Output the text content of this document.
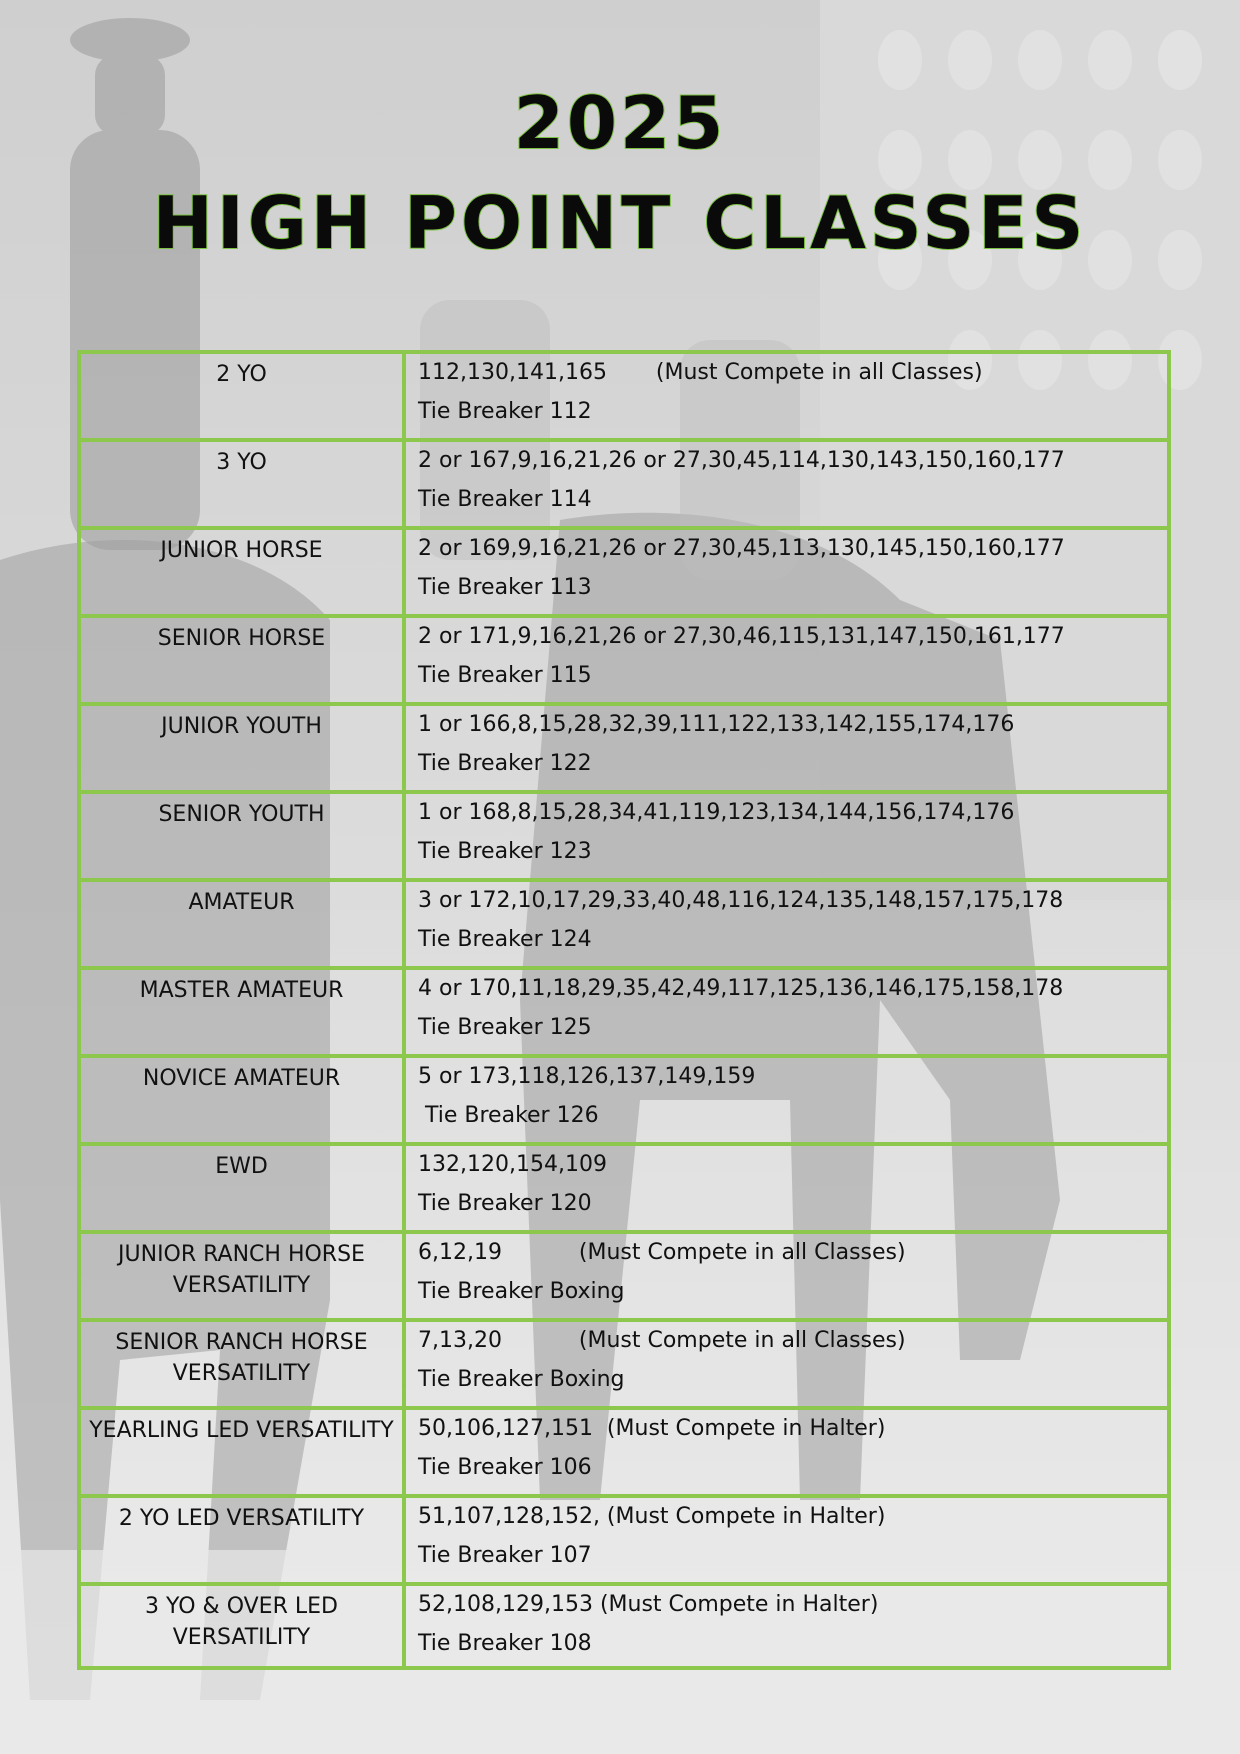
2025
HIGH POINT CLASSES
2 YO	112,130,141,165       (Must Compete in all Classes)
Tie Breaker 112

3 YO	2 or 167,9,16,21,26 or 27,30,45,114,130,143,150,160,177
Tie Breaker 114

JUNIOR HORSE	2 or 169,9,16,21,26 or 27,30,45,113,130,145,150,160,177
Tie Breaker 113

SENIOR HORSE	2 or 171,9,16,21,26 or 27,30,46,115,131,147,150,161,177
Tie Breaker 115

JUNIOR YOUTH	1 or 166,8,15,28,32,39,111,122,133,142,155,174,176
Tie Breaker 122

SENIOR YOUTH	1 or 168,8,15,28,34,41,119,123,134,144,156,174,176
Tie Breaker 123

AMATEUR	3 or 172,10,17,29,33,40,48,116,124,135,148,157,175,178
Tie Breaker 124

MASTER AMATEUR	4 or 170,11,18,29,35,42,49,117,125,136,146,175,158,178
Tie Breaker 125

NOVICE AMATEUR	5 or 173,118,126,137,149,159
Tie Breaker 126

EWD	132,120,154,109
Tie Breaker 120

JUNIOR RANCH HORSE VERSATILITY	6,12,19           (Must Compete in all Classes)
Tie Breaker Boxing

SENIOR RANCH HORSE VERSATILITY	7,13,20           (Must Compete in all Classes)
Tie Breaker Boxing

YEARLING LED VERSATILITY	50,106,127,151  (Must Compete in Halter)
Tie Breaker 106

2 YO LED VERSATILITY	51,107,128,152, (Must Compete in Halter)
Tie Breaker 107

3 YO & OVER LED VERSATILITY	52,108,129,153 (Must Compete in Halter)
Tie Breaker 108
